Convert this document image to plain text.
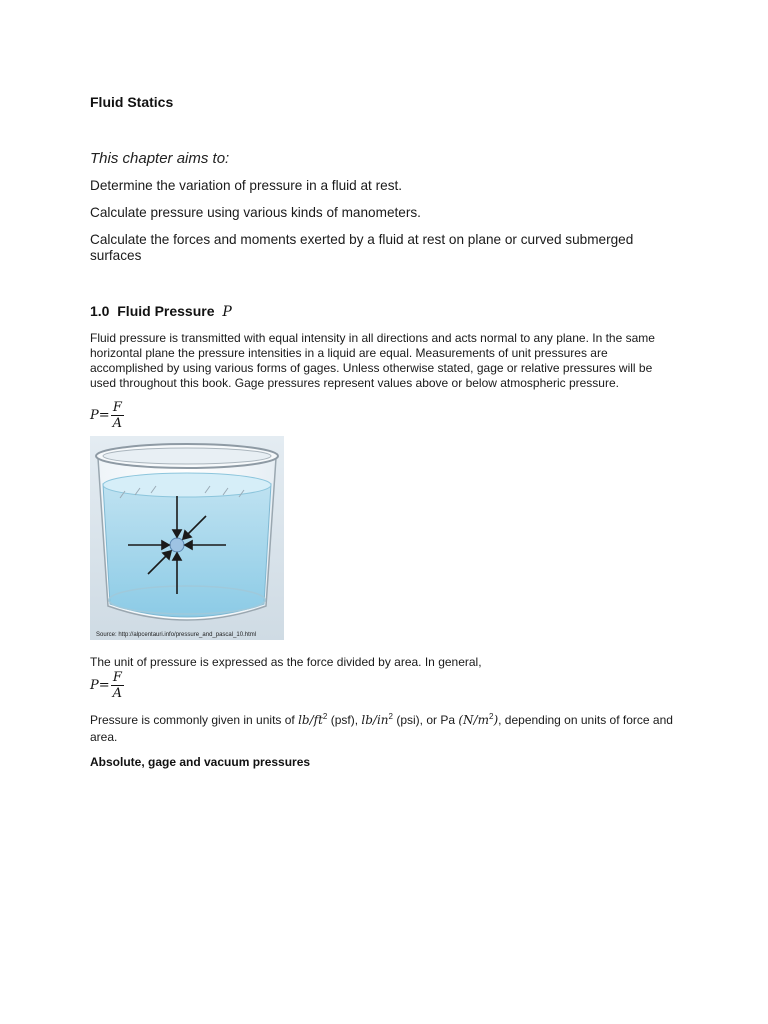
Fluid Statics
This chapter aims to:
Determine the variation of pressure in a fluid at rest.
Calculate pressure using various kinds of manometers.
Calculate the forces and moments exerted by a fluid at rest on plane or curved submerged surfaces
1.0 Fluid Pressure P
Fluid pressure is transmitted with equal intensity in all directions and acts normal to any plane. In the same horizontal plane the pressure intensities in a liquid are equal. Measurements of unit pressures are accomplished by using various forms of gages. Unless otherwise stated, gage or relative pressures will be used throughout this book. Gage pressures represent values above or below atmospheric pressure.
$P= \frac{F}{A}$
Source: http://alpcentauri.info/pressure_and_pascal_10.html
The unit of pressure is expressed as the force divided by area. In general,
$P= \frac{F}{A}$
Pressure is commonly given in units of $lb/ft^2$ (psf), $lb/in^2$ (psi), or Pa $(N/m^2)$, depending on units of force and area.
Absolute, gage and vacuum pressures
